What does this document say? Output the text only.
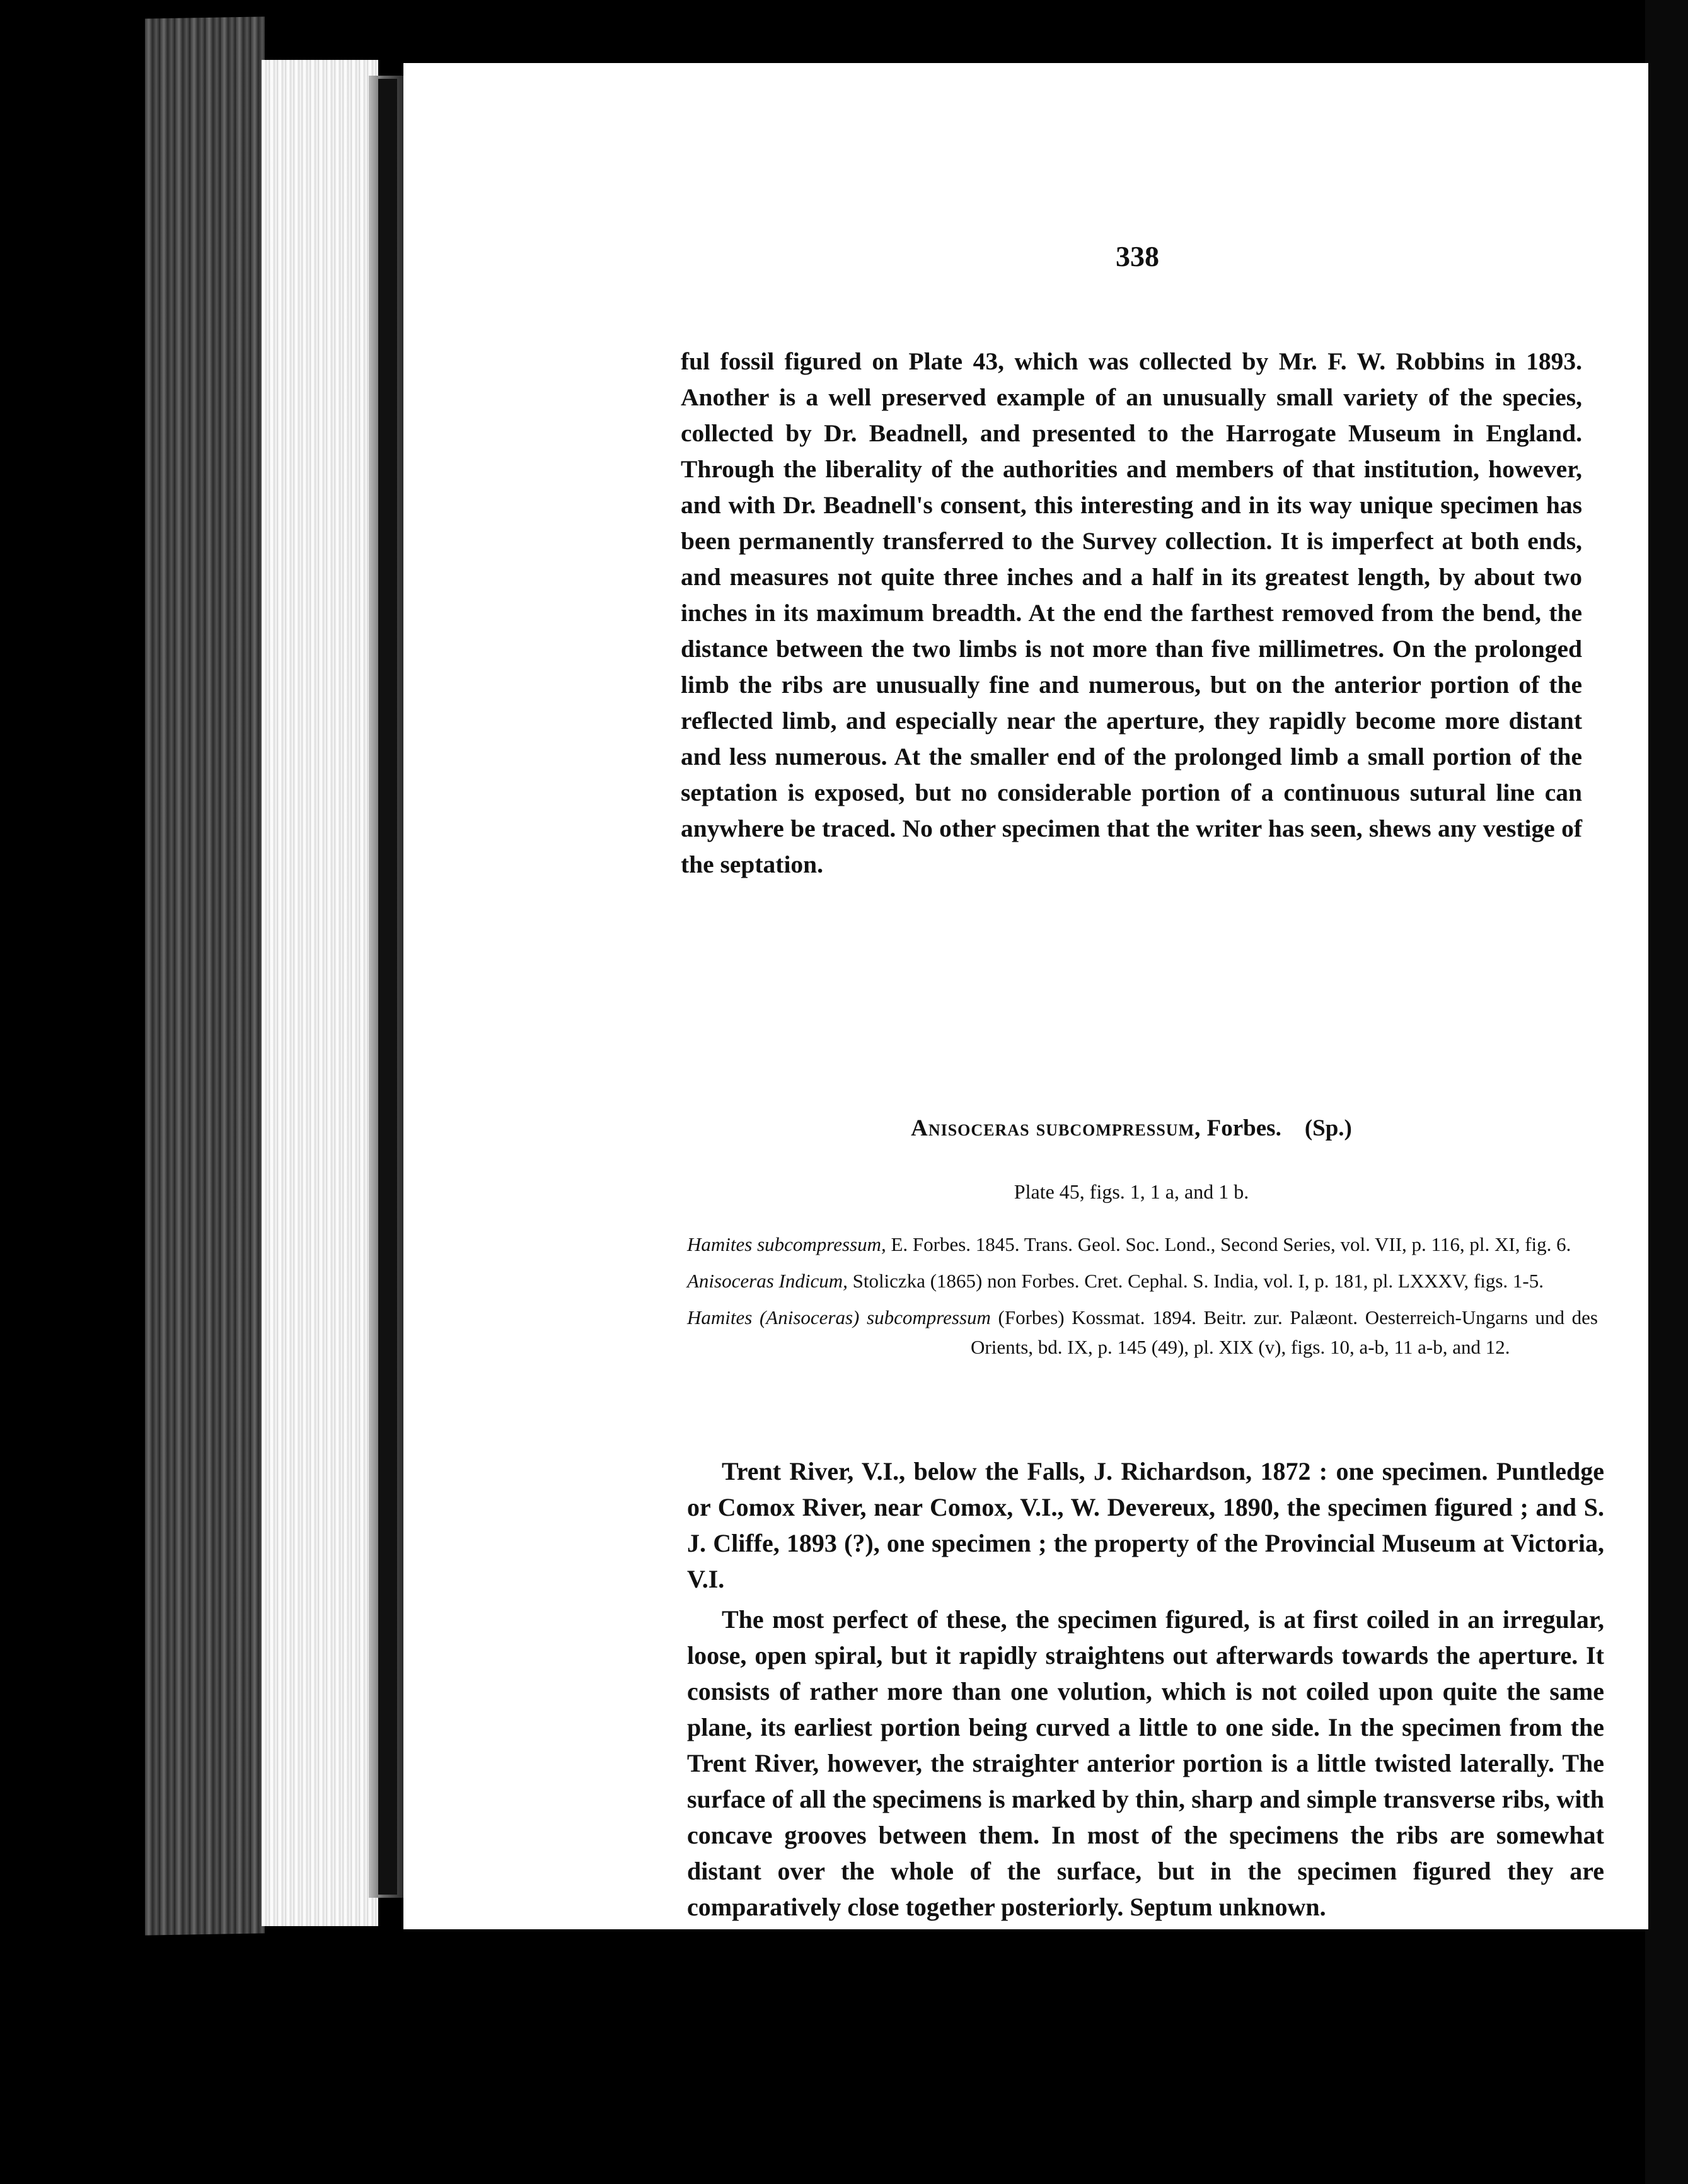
338

ful fossil figured on Plate 43, which was collected by Mr. F. W. Robbins in 1893. Another is a well preserved example of an unusually small variety of the species, collected by Dr. Beadnell, and presented to the Harrogate Museum in England. Through the liberality of the authorities and members of that institution, however, and with Dr. Beadnell's consent, this interesting and in its way unique specimen has been permanently transferred to the Survey collection. It is imperfect at both ends, and measures not quite three inches and a half in its greatest length, by about two inches in its maximum breadth. At the end the farthest removed from the bend, the distance between the two limbs is not more than five millimetres. On the prolonged limb the ribs are unusually fine and numerous, but on the anterior portion of the reflected limb, and especially near the aperture, they rapidly become more distant and less numerous. At the smaller end of the prolonged limb a small portion of the septation is exposed, but no considerable portion of a continuous sutural line can anywhere be traced. No other specimen that the writer has seen, shews any vestige of the septation.

Anisoceras subcompressum, Forbes. (Sp.)
Plate 45, figs. 1, 1 a, and 1 b.

Hamites subcompressum, E. Forbes. 1845. Trans. Geol. Soc. Lond., Second Series, vol. VII, p. 116, pl. XI, fig. 6.

Anisoceras Indicum, Stoliczka (1865) non Forbes. Cret. Cephal. S. India, vol. I, p. 181, pl. LXXXV, figs. 1-5.

Hamites (Anisoceras) subcompressum (Forbes) Kossmat. 1894. Beitr. zur. Palæont. Oesterreich-Ungarns und des Orients, bd. IX, p. 145 (49), pl. XIX (v), figs. 10, a-b, 11 a-b, and 12.

Trent River, V.I., below the Falls, J. Richardson, 1872 : one specimen. Puntledge or Comox River, near Comox, V.I., W. Devereux, 1890, the specimen figured ; and S. J. Cliffe, 1893 (?), one specimen ; the property of the Provincial Museum at Victoria, V.I.

The most perfect of these, the specimen figured, is at first coiled in an irregular, loose, open spiral, but it rapidly straightens out afterwards towards the aperture. It consists of rather more than one volution, which is not coiled upon quite the same plane, its earliest portion being curved a little to one side. In the specimen from the Trent River, however, the straighter anterior portion is a little twisted laterally. The surface of all the specimens is marked by thin, sharp and simple transverse ribs, with concave grooves between them. In most of the specimens the ribs are somewhat distant over the whole of the surface, but in the specimen figured they are comparatively close together posteriorly. Septum unknown.
